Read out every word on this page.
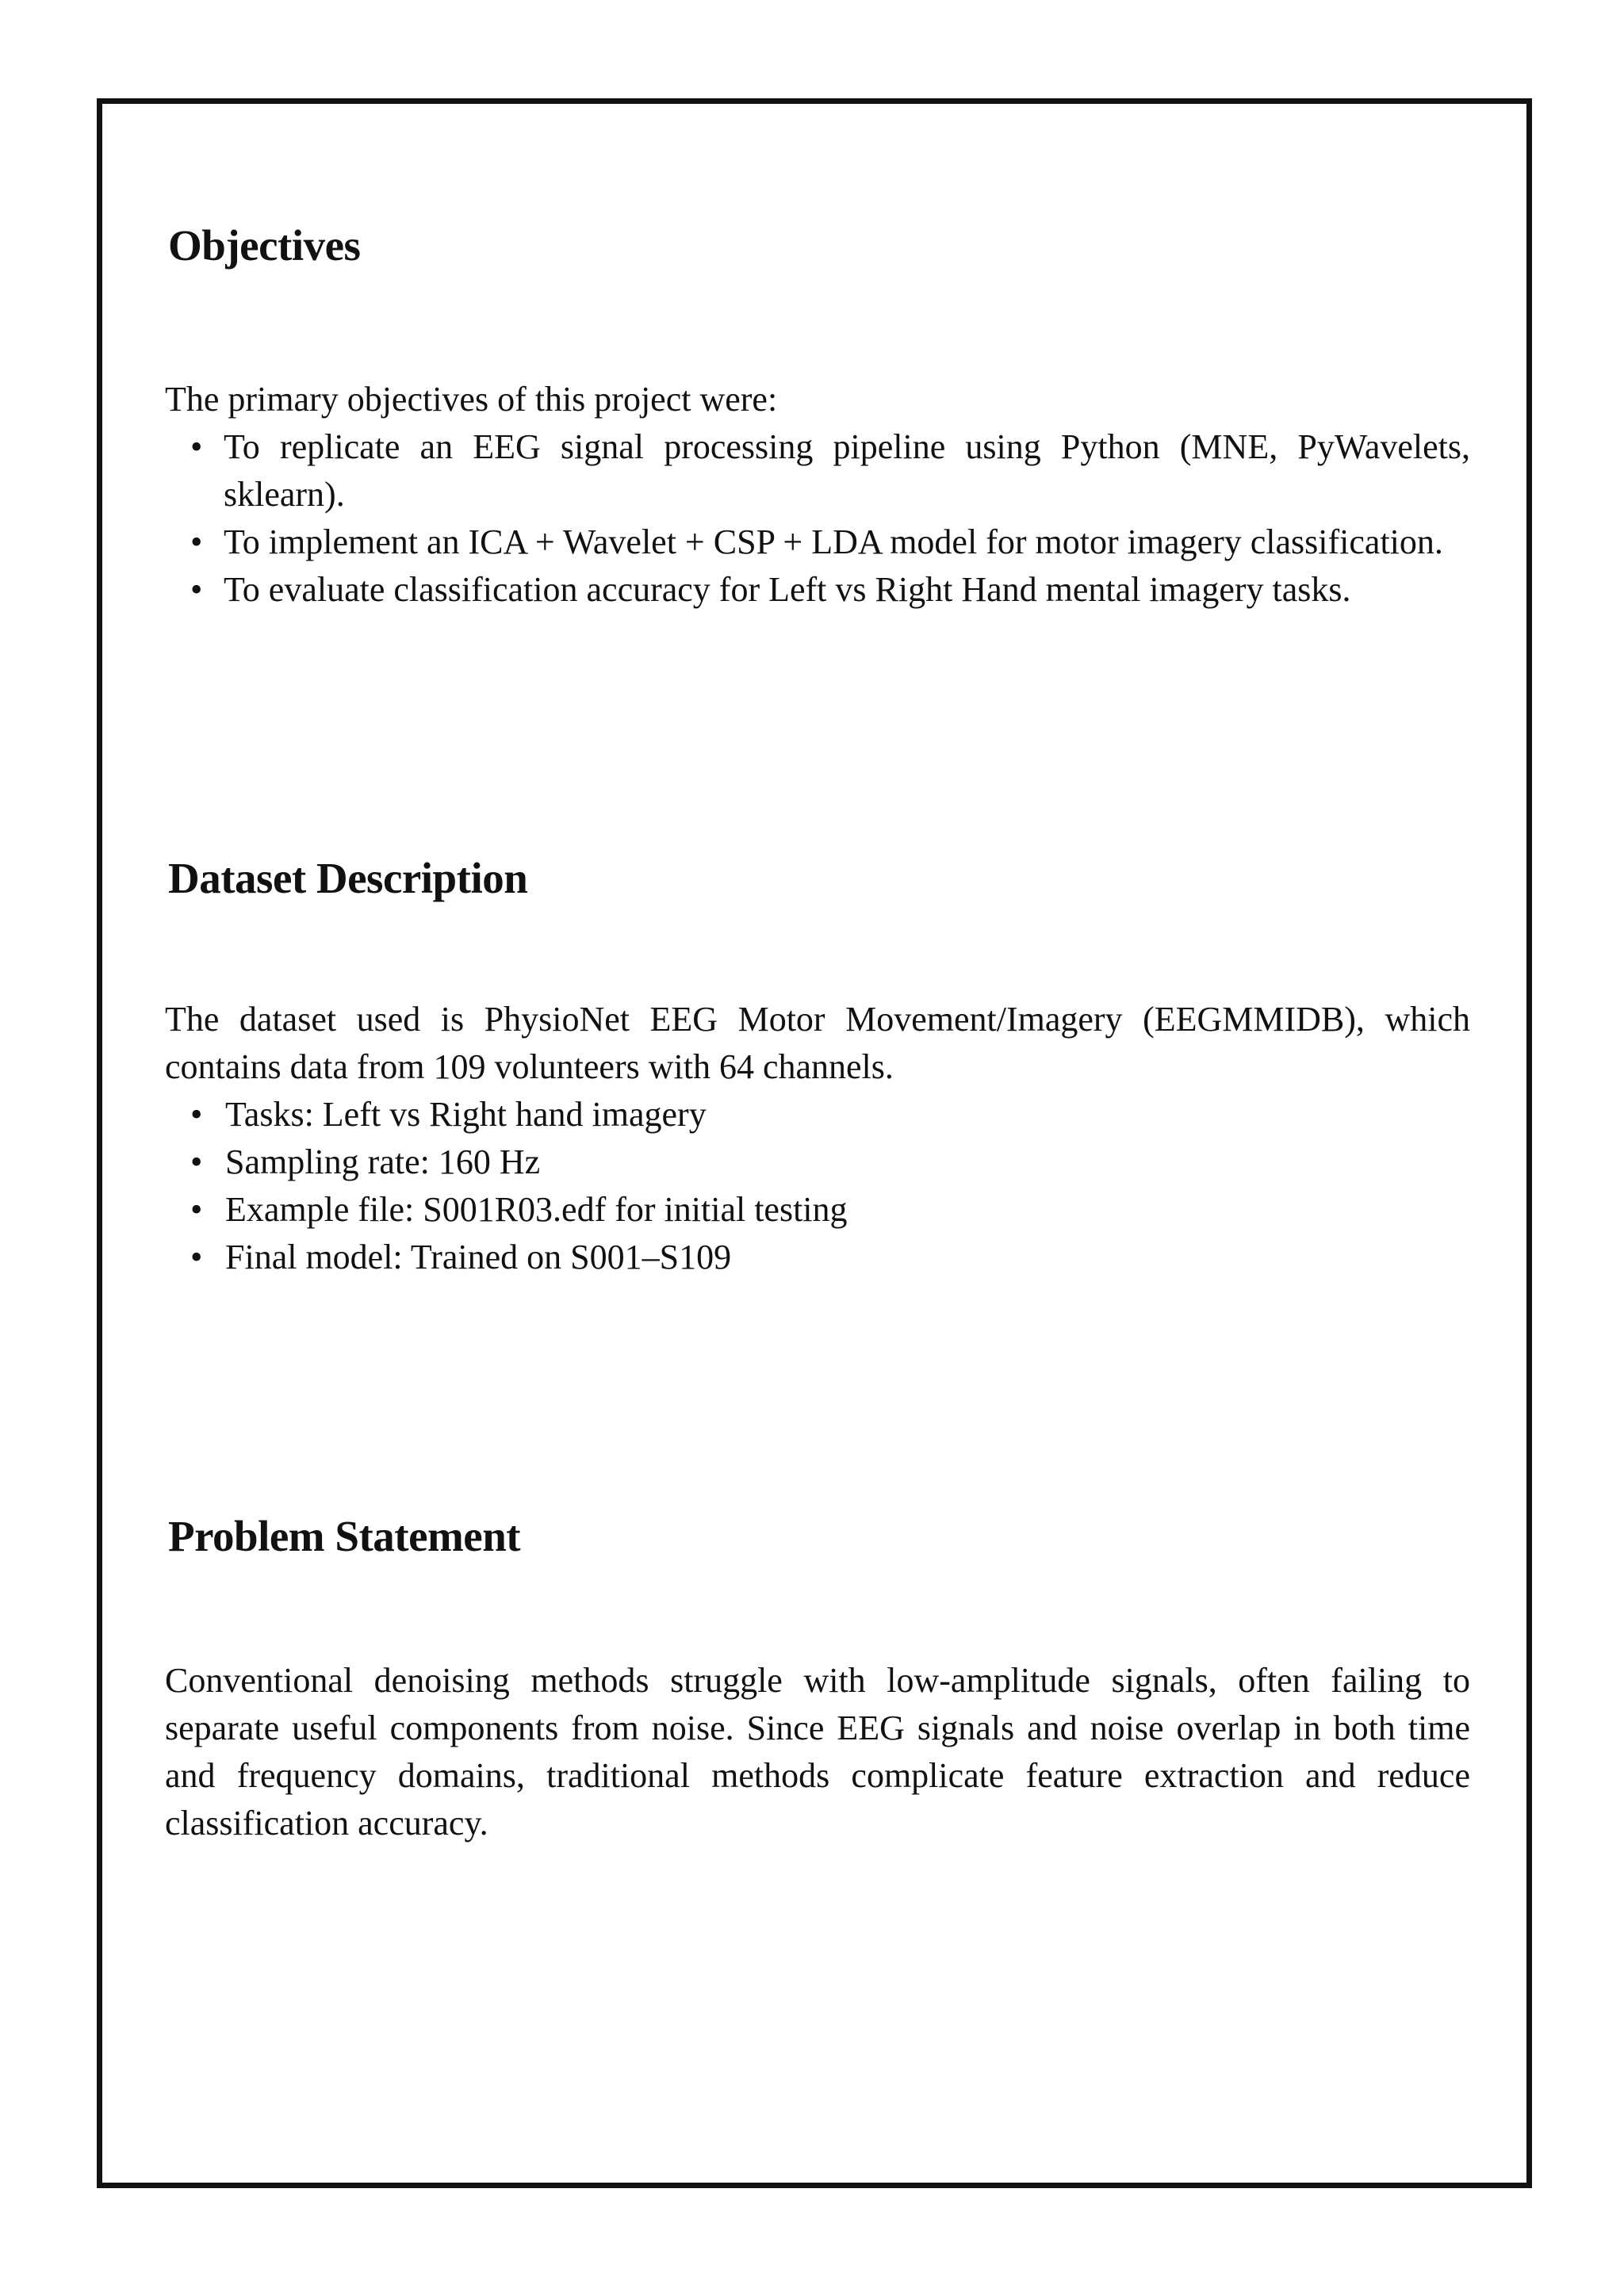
Objectives

The primary objectives of this project were:

• To replicate an EEG signal processing pipeline using Python (MNE, PyWavelets, sklearn).
• To implement an ICA + Wavelet + CSP + LDA model for motor imagery classification.
• To evaluate classification accuracy for Left vs Right Hand mental imagery tasks.
Dataset Description

The dataset used is PhysioNet EEG Motor Movement/Imagery (EEGMMIDB), which contains data from 109 volunteers with 64 channels.

• Tasks: Left vs Right hand imagery
• Sampling rate: 160 Hz
• Example file: S001R03.edf for initial testing
• Final model: Trained on S001–S109
Problem Statement

Conventional denoising methods struggle with low-amplitude signals, often failing to separate useful components from noise. Since EEG signals and noise overlap in both time and frequency domains, traditional methods complicate feature extraction and reduce classification accuracy.
